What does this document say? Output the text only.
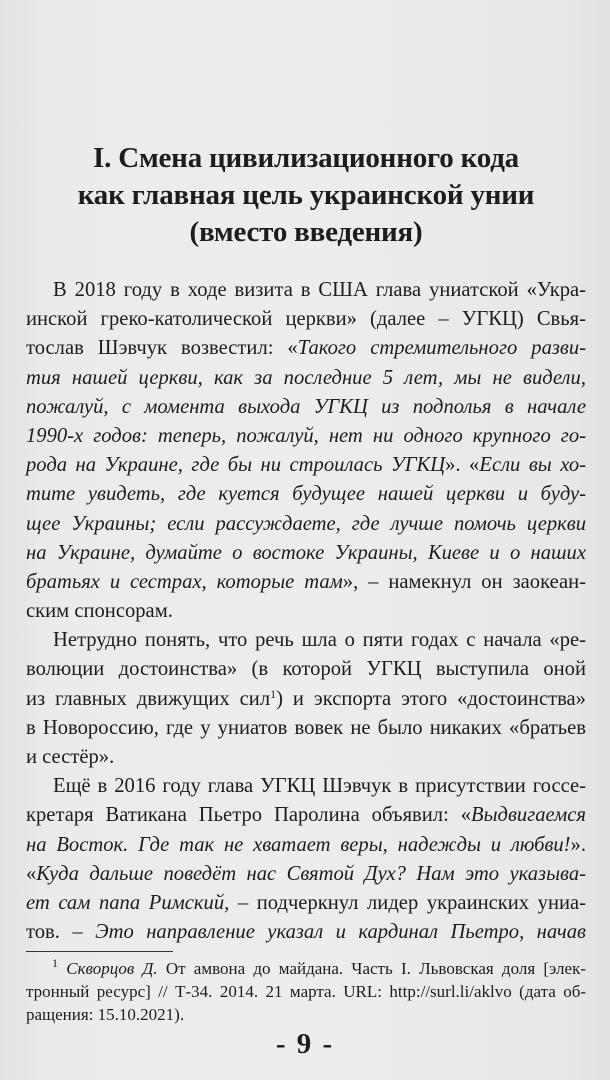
I. Смена цивилизационного кода
как главная цель украинской унии
(вместо введения)
В 2018 году в ходе визита в США глава униатской «Укра-
инской греко-католической церкви» (далее – УГКЦ) Свья-
тослав Шэвчук возвестил: «Такого стремительного разви-
тия нашей церкви, как за последние 5 лет, мы не видели,
пожалуй, с момента выхода УГКЦ из подполья в начале
1990-х годов: теперь, пожалуй, нет ни одного крупного го-
рода на Украине, где бы ни строилась УГКЦ». «Если вы хо-
тите увидеть, где куется будущее нашей церкви и буду-
щее Украины; если рассуждаете, где лучше помочь церкви
на Украине, думайте о востоке Украины, Киеве и о наших
братьях и сестрах, которые там», – намекнул он заокеан-
ским спонсорам.
Нетрудно понять, что речь шла о пяти годах с начала «ре-
волюции достоинства» (в которой УГКЦ выступила оной
из главных движущих сил$^1$) и экспорта этого «достоинства»
в Новороссию, где у униатов вовек не было никаких «братьев
и сестёр».
Ещё в 2016 году глава УГКЦ Шэвчук в присутствии госсе-
кретаря Ватикана Пьетро Паролина объявил: «Выдвигаемся
на Восток. Где так не хватает веры, надежды и любви!».
«Куда дальше поведёт нас Святой Дух? Нам это указыва-
ет сам папа Римский, – подчеркнул лидер украинских униа-
тов. – Это направление указал и кардинал Пьетро, начав
$^1$ Скворцов Д. От амвона до майдана. Часть I. Львовская доля [элек-
тронный ресурс] // Т-34. 2014. 21 марта. URL: http://surl.li/aklvo (дата об-
ращения: 15.10.2021).
- 9 -
